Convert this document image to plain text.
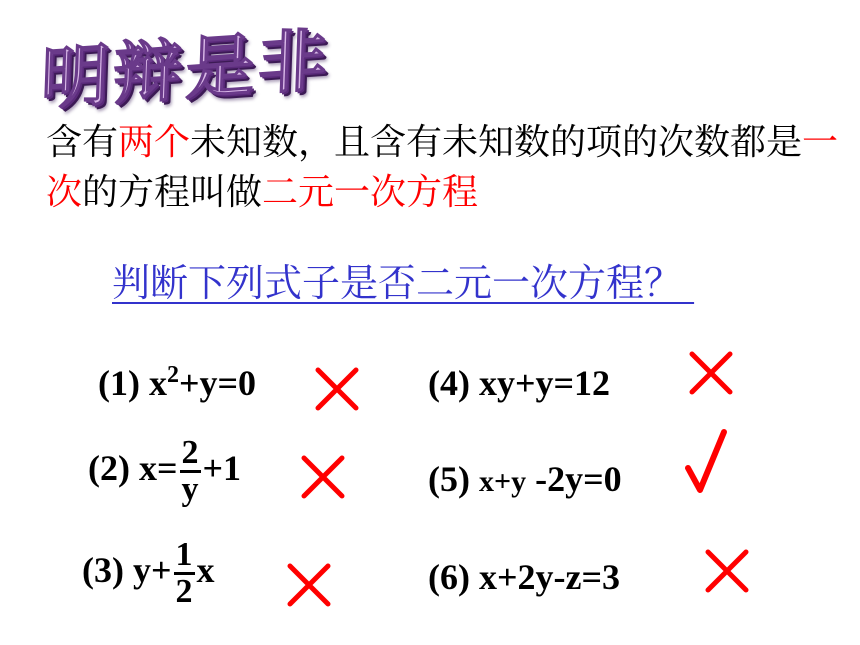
明辩是非
含有两个未知数，且含有未知数的项的次数都是一次的方程叫做二元一次方程
判断下列式子是否二元一次方程？
(1) $x^2+y=0$
(2) $x= \frac{2}{y} +1$
(3) $y+ \frac{1}{2}$ x
(4) xy+y=12
(5) x+y -2y=0
(6) x+2y-z=3
